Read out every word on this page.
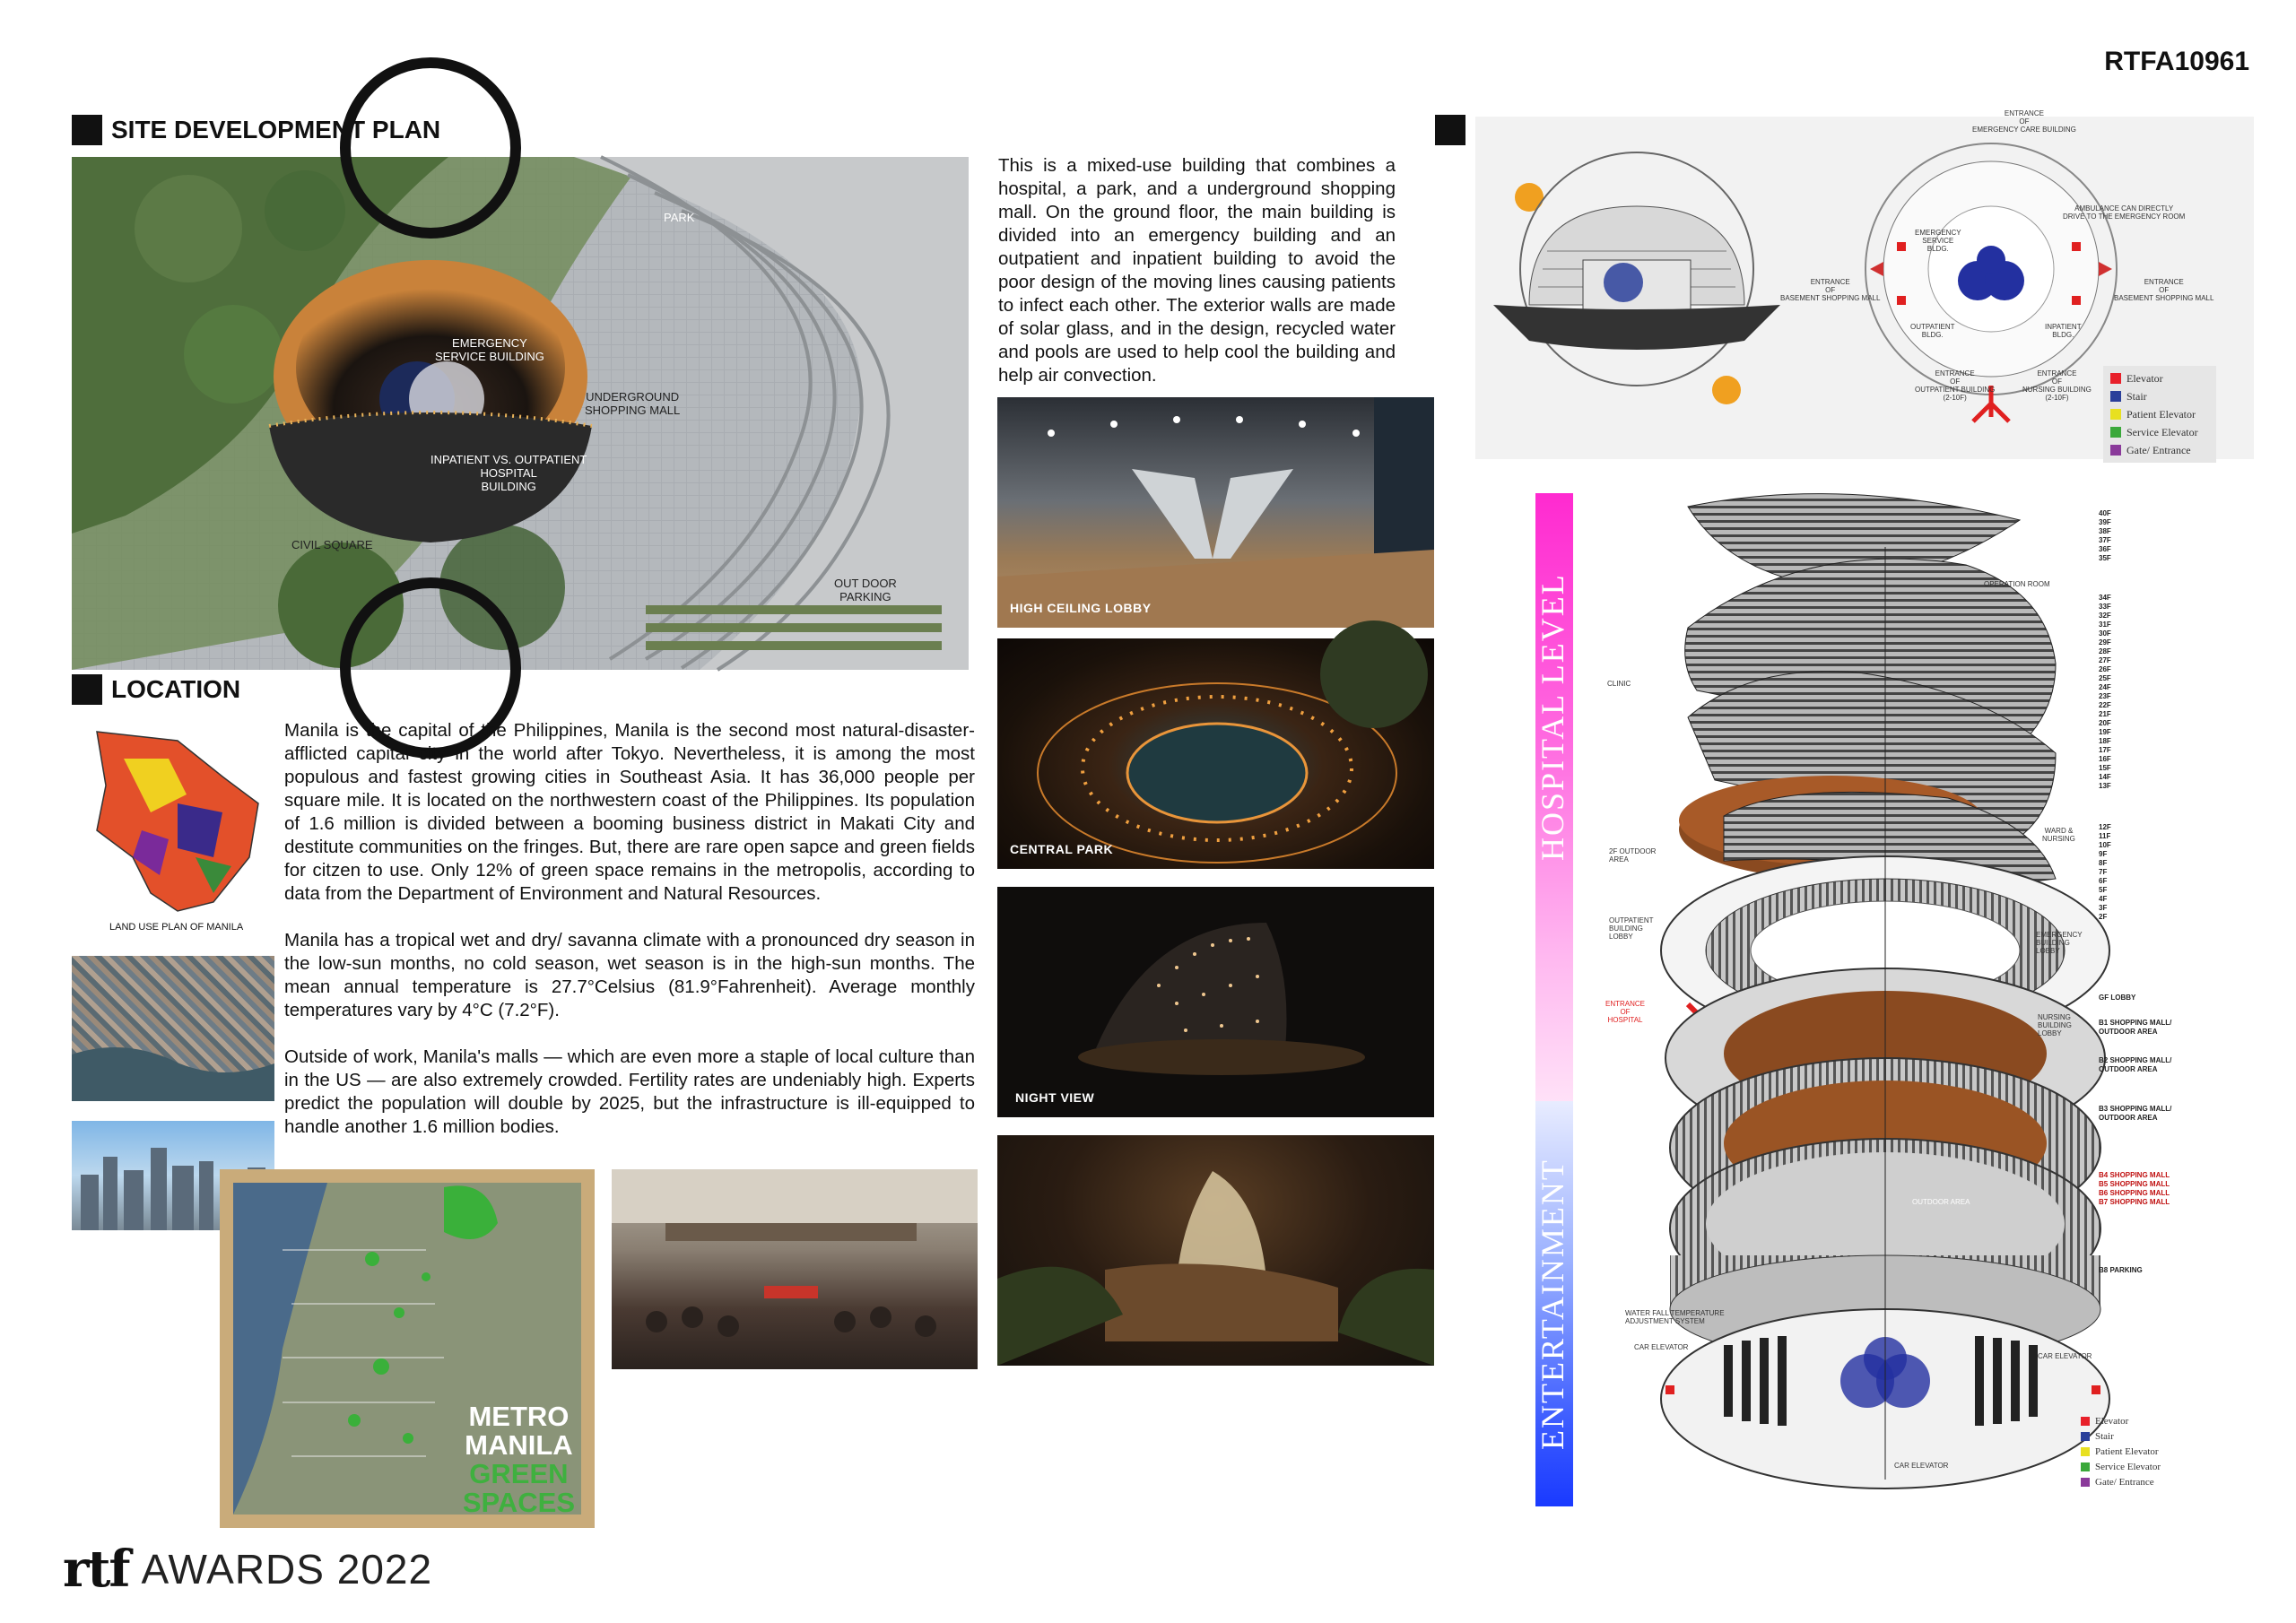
RTFA10961
SITE DEVELOPMENT PLAN
PARK
EMERGENCY
SERVICE BUILDING
UNDERGROUND
SHOPPING MALL
INPATIENT VS. OUTPATIENT
HOSPITAL
BUILDING
CIVIL SQUARE
OUT DOOR
PARKING
This is a mixed-use building that combines a hospital, a park, and a underground shopping mall. On the ground floor, the main building is divided into an emergency building and an outpatient and inpatient building to avoid the poor design of the moving lines causing patients to infect each other. The exterior walls are made of solar glass, and in the design, recycled water and pools are used to help cool the building and help air convection.
HIGH CEILING LOBBY
CENTRAL PARK
NIGHT VIEW
LOCATION
LAND USE PLAN OF MANILA
Manila is the capital of the Philippines, Manila is the second most natural-disaster-afflicted capital city in the world after Tokyo. Nevertheless, it is among the most populous and fastest growing cities in Southeast Asia. It has 36,000 people per square mile. It is located on the northwestern coast of the Philippines. Its population of 1.6 million is divided between a booming business district in Makati City and destitute communities on the fringes. But, there are rare open sapce and green fields for citzen to use. Only 12% of green space remains in the metropolis, according to data from the Department of Environment and Natural Resources.
Manila has a tropical wet and dry/ savanna climate with a pronounced dry season in the low-sun months, no cold season, wet season is in the high-sun months. The mean annual temperature is 27.7°Celsius (81.9°Fahrenheit). Average monthly temperatures vary by 4°C (7.2°F).
Outside of work, Manila's malls — which are even more a staple of local culture than in the US — are also extremely crowded. Fertility rates are undeniably high. Experts predict the population will double by 2025, but the infrastructure is ill-equipped to handle another 1.6 million bodies.
METRO
MANILA
GREEN
SPACES
ENTRANCE
OF
EMERGENCY CARE BUILDING
AMBULANCE CAN DIRECTLY
DRIVE TO THE EMERGENCY ROOM
ENTRANCE
OF
BASEMENT SHOPPING MALL
ENTRANCE
OF
BASEMENT SHOPPING MALL
EMERGENCY
SERVICE
BLDG.
OUTPATIENT
BLDG.
INPATIENT
BLDG.
ENTRANCE
OF
OUTPATIENT BUILDING
(2-10F)
ENTRANCE
OF
NURSING BUILDING
(2-10F)
Elevator
Stair
Patient Elevator
Service Elevator
Gate/ Entrance
HOSPITAL LEVEL
ENTERTAINMENT
OPERATION ROOM
CLINIC
WARD &
NURSING
2F OUTDOOR
AREA
OUTPATIENT
BUILDING
LOBBY	EMERGENCY
BUILDING
LOBBY
ENTRANCE
OF
HOSPITAL	NURSING
BUILDING
LOBBY
OUTDOOR AREA
WATER FALL TEMPERATURE
ADJUSTMENT SYSTEM
CAR ELEVATOR
CAR ELEVATOR
CAR ELEVATOR
40F
39F
38F
37F
36F
35F
34F
33F
32F
31F
30F
29F
28F
27F
26F
25F
24F
23F
22F
21F
20F
19F
18F
17F
16F
15F
14F
13F
12F
11F
10F
9F
8F
7F
6F
5F
4F
3F
2F
GF LOBBY
B1 SHOPPING MALL/
OUTDOOR AREA
B2 SHOPPING MALL/
OUTDOOR AREA
B3 SHOPPING MALL/
OUTDOOR AREA
B4 SHOPPING MALL
B5 SHOPPING MALL
B6 SHOPPING MALL
B7 SHOPPING MALL
B8 PARKING
Elevator
Stair
Patient Elevator
Service Elevator
Gate/ Entrance
rtf AWARDS 2022
